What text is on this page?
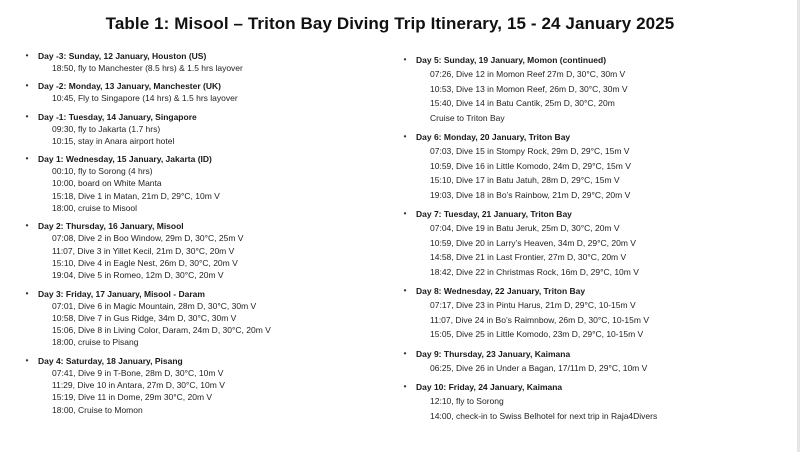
Table 1: Misool – Triton Bay Diving Trip Itinerary, 15 - 24 January 2025
•	Day -3: Sunday, 12 January, Houston (US)
18:50, fly to Manchester (8.5 hrs) & 1.5 hrs layover
•	Day -2: Monday, 13 January, Manchester (UK)
10:45, Fly to Singapore (14 hrs) & 1.5 hrs layover
•	Day -1: Tuesday, 14 January, Singapore
09:30, fly to Jakarta (1.7 hrs)
10:15, stay in Anara airport hotel
•	Day 1: Wednesday, 15 January, Jakarta (ID)
00:10, fly to Sorong (4 hrs)
10:00, board on White Manta
15:18, Dive 1 in Matan, 21m D, 29°C, 10m V
18:00, cruise to Misool
•	Day 2: Thursday, 16 January, Misool
07:08, Dive 2 in Boo Window, 29m D, 30°C, 25m V
11:07, Dive 3 in Yillet Kecil, 21m D, 30°C, 20m V
15:10, Dive 4 in Eagle Nest, 26m D, 30°C, 20m V
19:04, Dive 5 in Romeo, 12m D, 30°C, 20m V
•	Day 3: Friday, 17 January, Misool - Daram
07:01, Dive 6 in Magic Mountain, 28m D, 30°C, 30m V
10:58, Dive 7 in Gus Ridge, 34m D, 30°C, 30m V
15:06, Dive 8 in Living Color, Daram, 24m D, 30°C, 20m V
18:00, cruise to Pisang
•	Day 4: Saturday, 18 January, Pisang
07:41, Dive 9 in T-Bone, 28m D, 30°C, 10m V
11:29, Dive 10 in Antara, 27m D, 30°C, 10m V
15:19, Dive 11 in Dome, 29m 30°C, 20m V
18:00, Cruise to Momon
•	Day 5: Sunday, 19 January, Momon (continued)
07:26, Dive 12 in Momon Reef 27m D, 30°C, 30m V
10:53, Dive 13 in Momon Reef, 26m D, 30°C, 30m V
15:40, Dive 14 in Batu Cantik, 25m D, 30°C, 20m
Cruise to Triton Bay
•	Day 6: Monday, 20 January, Triton Bay
07:03, Dive 15 in Stompy Rock, 29m D, 29°C, 15m V
10:59, Dive 16 in Little Komodo, 24m D, 29°C, 15m V
15:10, Dive 17 in Batu Jatuh, 28m D, 29°C, 15m V
19:03, Dive 18 in Bo’s Rainbow, 21m D, 29°C, 20m V
•	Day 7: Tuesday, 21 January, Triton Bay
07:04, Dive 19 in Batu Jeruk, 25m D, 30°C, 20m V
10:59, Dive 20 in Larry’s Heaven, 34m D, 29°C, 20m V
14:58, Dive 21 in Last Frontier, 27m D, 30°C, 20m V
18:42, Dive 22 in Christmas Rock, 16m D, 29°C, 10m V
•	Day 8: Wednesday, 22 January, Triton Bay
07:17, Dive 23 in Pintu Harus, 21m D, 29°C, 10-15m V
11:07, Dive 24 in Bo’s Raimnbow, 26m D, 30°C, 10-15m V
15:05, Dive 25 in Little Komodo, 23m D, 29°C, 10-15m V
•	Day 9: Thursday, 23 January, Kaimana
06:25, Dive 26 in Under a Bagan, 17/11m D, 29°C, 10m V
•	Day 10: Friday, 24 January, Kaimana
12:10, fly to Sorong
14:00, check-in to Swiss Belhotel for next trip in Raja4Divers
